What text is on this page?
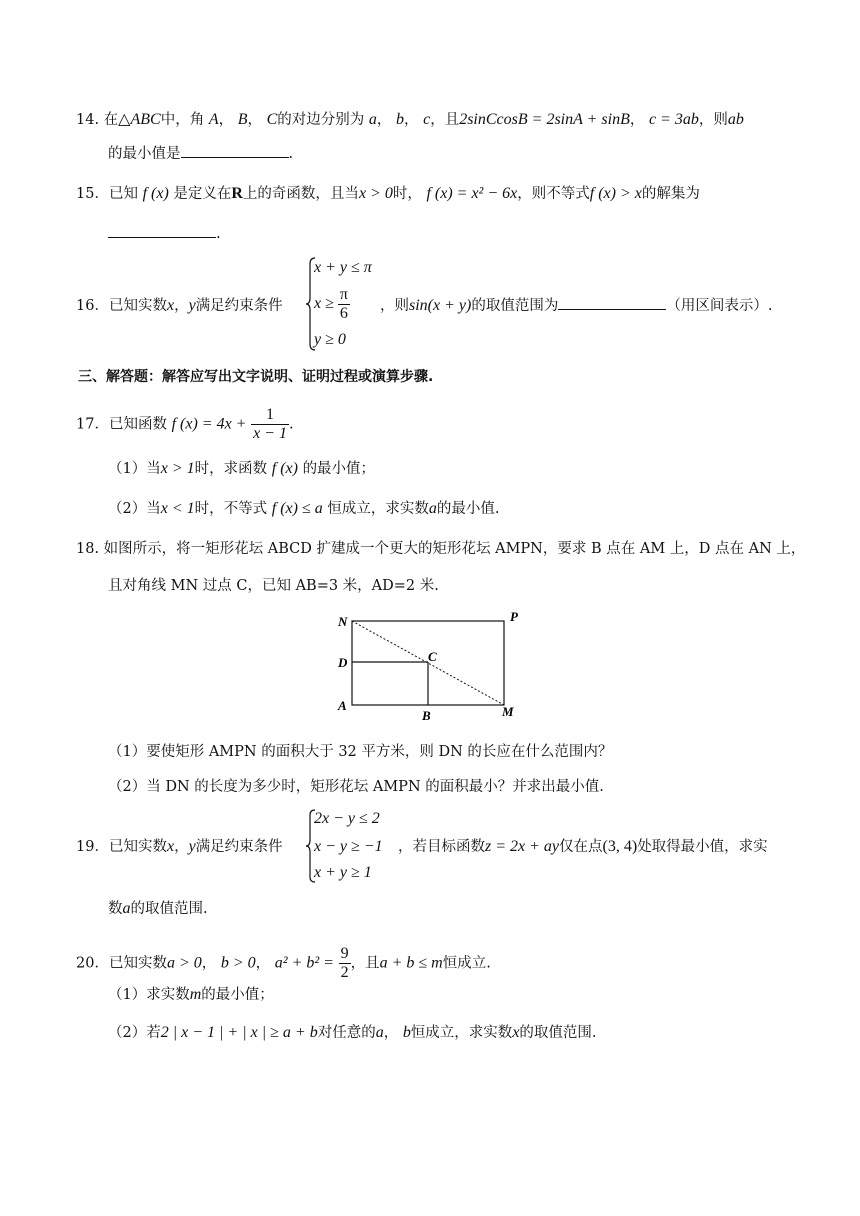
14. 在△ABC中，角 A， B， C的对边分别为 a， b， c，且2sinCcosB = 2sinA + sinB， c = 3ab，则ab
的最小值是	.
15．已知 f (x) 是定义在R上的奇函数，且当x > 0时， f (x) = x² − 6x，则不等式f (x) > x的解集为
.
16．已知实数x，y满足约束条件
x + y ≤ π
$x \ge \frac{\pi}{6}$
y ≥ 0
，则sin(x + y)的取值范围为	（用区间表示）.
三、解答题：解答应写出文字说明、证明过程或演算步骤.
17．已知函数 f $(x) = 4x + \frac{1}{x - 1}$ .
（1）当x > 1时，求函数 f (x) 的最小值；
（2）当x < 1时，不等式 f (x) ≤ a 恒成立，求实数a的最小值.
18. 如图所示，将一矩形花坛 ABCD 扩建成一个更大的矩形花坛 AMPN，要求 B 点在 AM 上，D 点在 AN 上，
且对角线 MN 过点 C，已知 AB=3 米，AD=2 米.
N	P
D	C
A
B	M
（1）要使矩形 AMPN 的面积大于 32 平方米，则 DN 的长应在什么范围内？
（2）当 DN 的长度为多少时，矩形花坛 AMPN 的面积最小？并求出最小值.
19．已知实数x，y满足约束条件
2x − y ≤ 2
x − y ≥ −1
x + y ≥ 1
，若目标函数z = 2x + ay仅在点(3, 4)处取得最小值，求实
数a的取值范围.
20．已知实数a > 0， b > 0， $a^2 + b^2 = \frac{9}{2}$ ，且a + b ≤ m恒成立.
（1）求实数m的最小值；
（2）若2 | x − 1 | + | x | ≥ a + b对任意的a， b恒成立，求实数x的取值范围.
